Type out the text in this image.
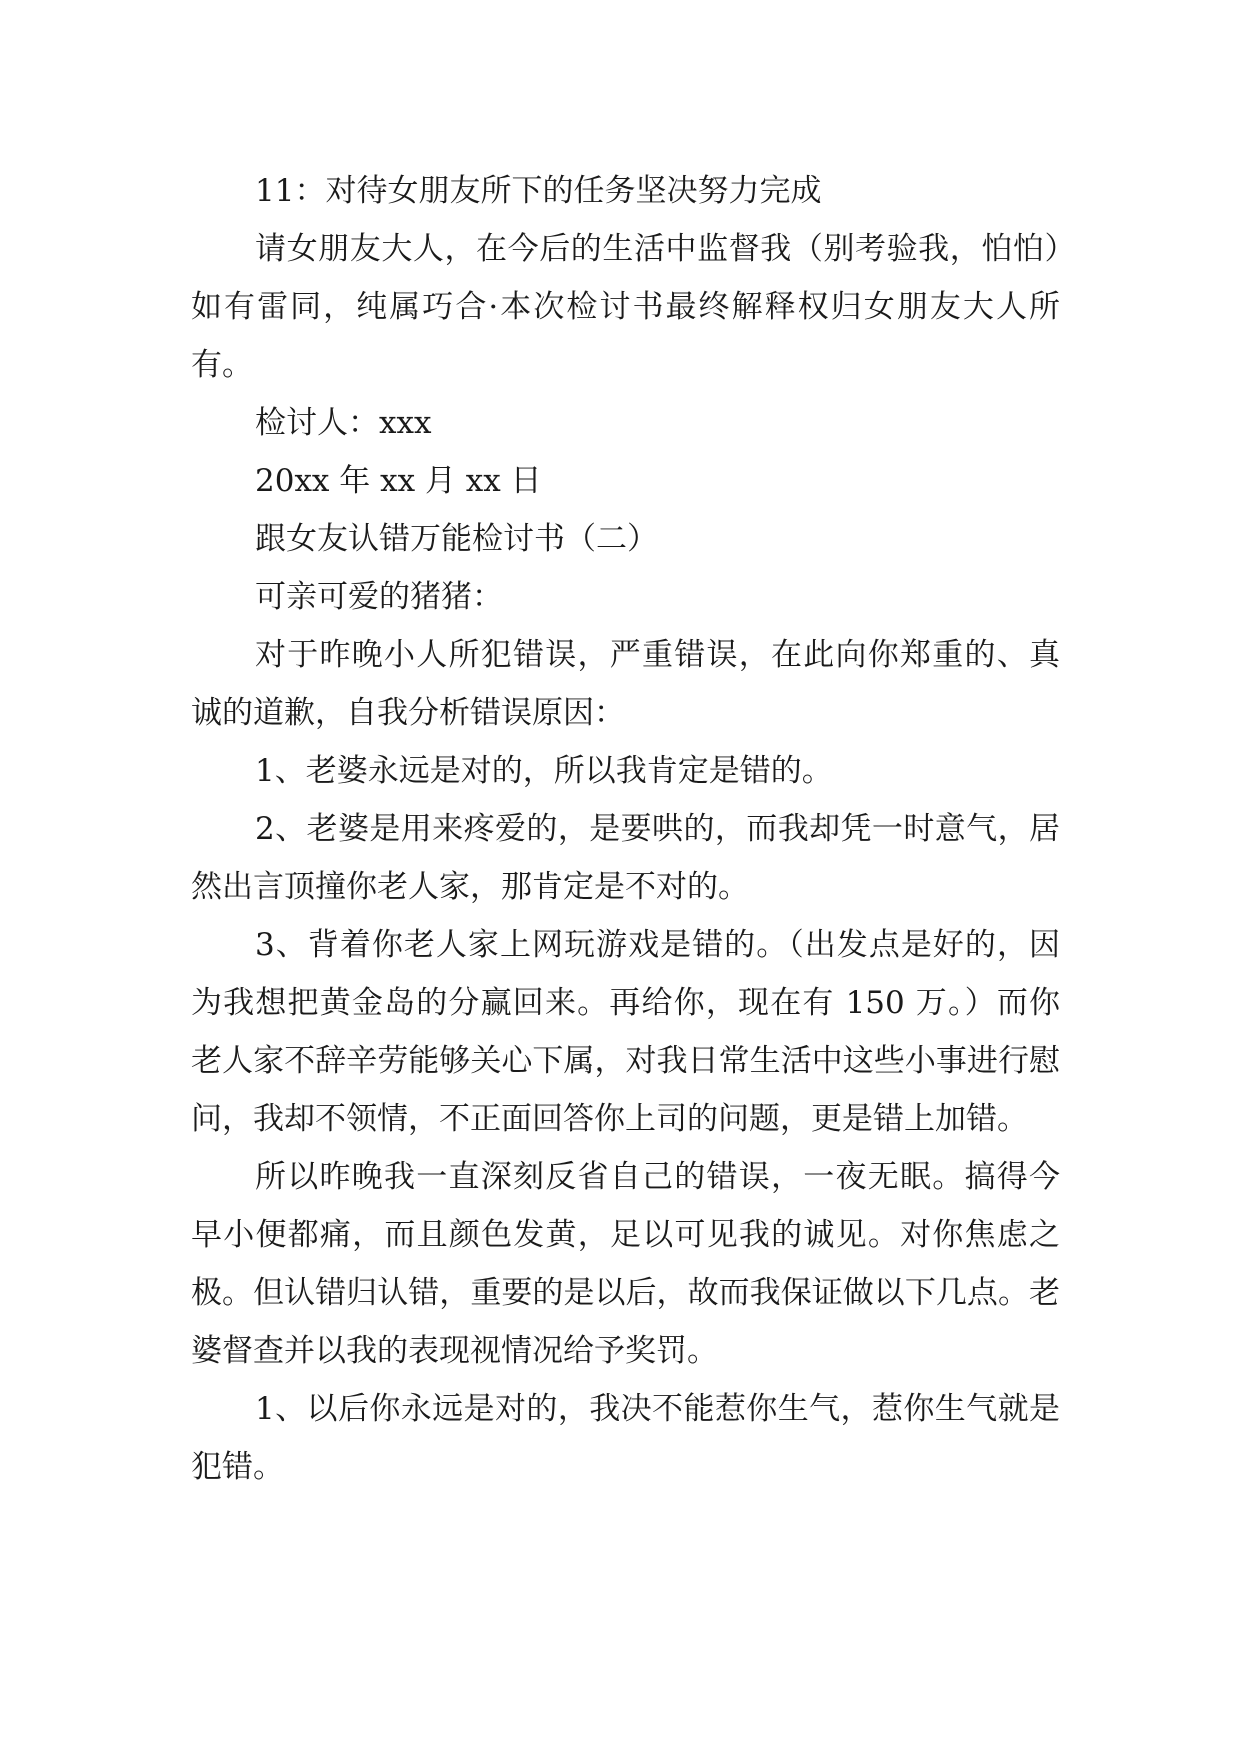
11：对待女朋友所下的任务坚决努力完成

请女朋友大人，在今后的生活中监督我（别考验我，怕怕）如有雷同，纯属巧合·本次检讨书最终解释权归女朋友大人所有。

检讨人：xxx

20xx 年 xx 月 xx 日

跟女友认错万能检讨书（二）

可亲可爱的猪猪：

对于昨晚小人所犯错误，严重错误，在此向你郑重的、真诚的道歉，自我分析错误原因：

1、老婆永远是对的，所以我肯定是错的。

2、老婆是用来疼爱的，是要哄的，而我却凭一时意气，居然出言顶撞你老人家，那肯定是不对的。

3、背着你老人家上网玩游戏是错的。（出发点是好的，因为我想把黄金岛的分赢回来。再给你，现在有 150 万。）而你老人家不辞辛劳能够关心下属，对我日常生活中这些小事进行慰问，我却不领情，不正面回答你上司的问题，更是错上加错。

所以昨晚我一直深刻反省自己的错误，一夜无眠。搞得今早小便都痛，而且颜色发黄，足以可见我的诚见。对你焦虑之极。但认错归认错，重要的是以后，故而我保证做以下几点。老婆督查并以我的表现视情况给予奖罚。

1、以后你永远是对的，我决不能惹你生气，惹你生气就是犯错。
